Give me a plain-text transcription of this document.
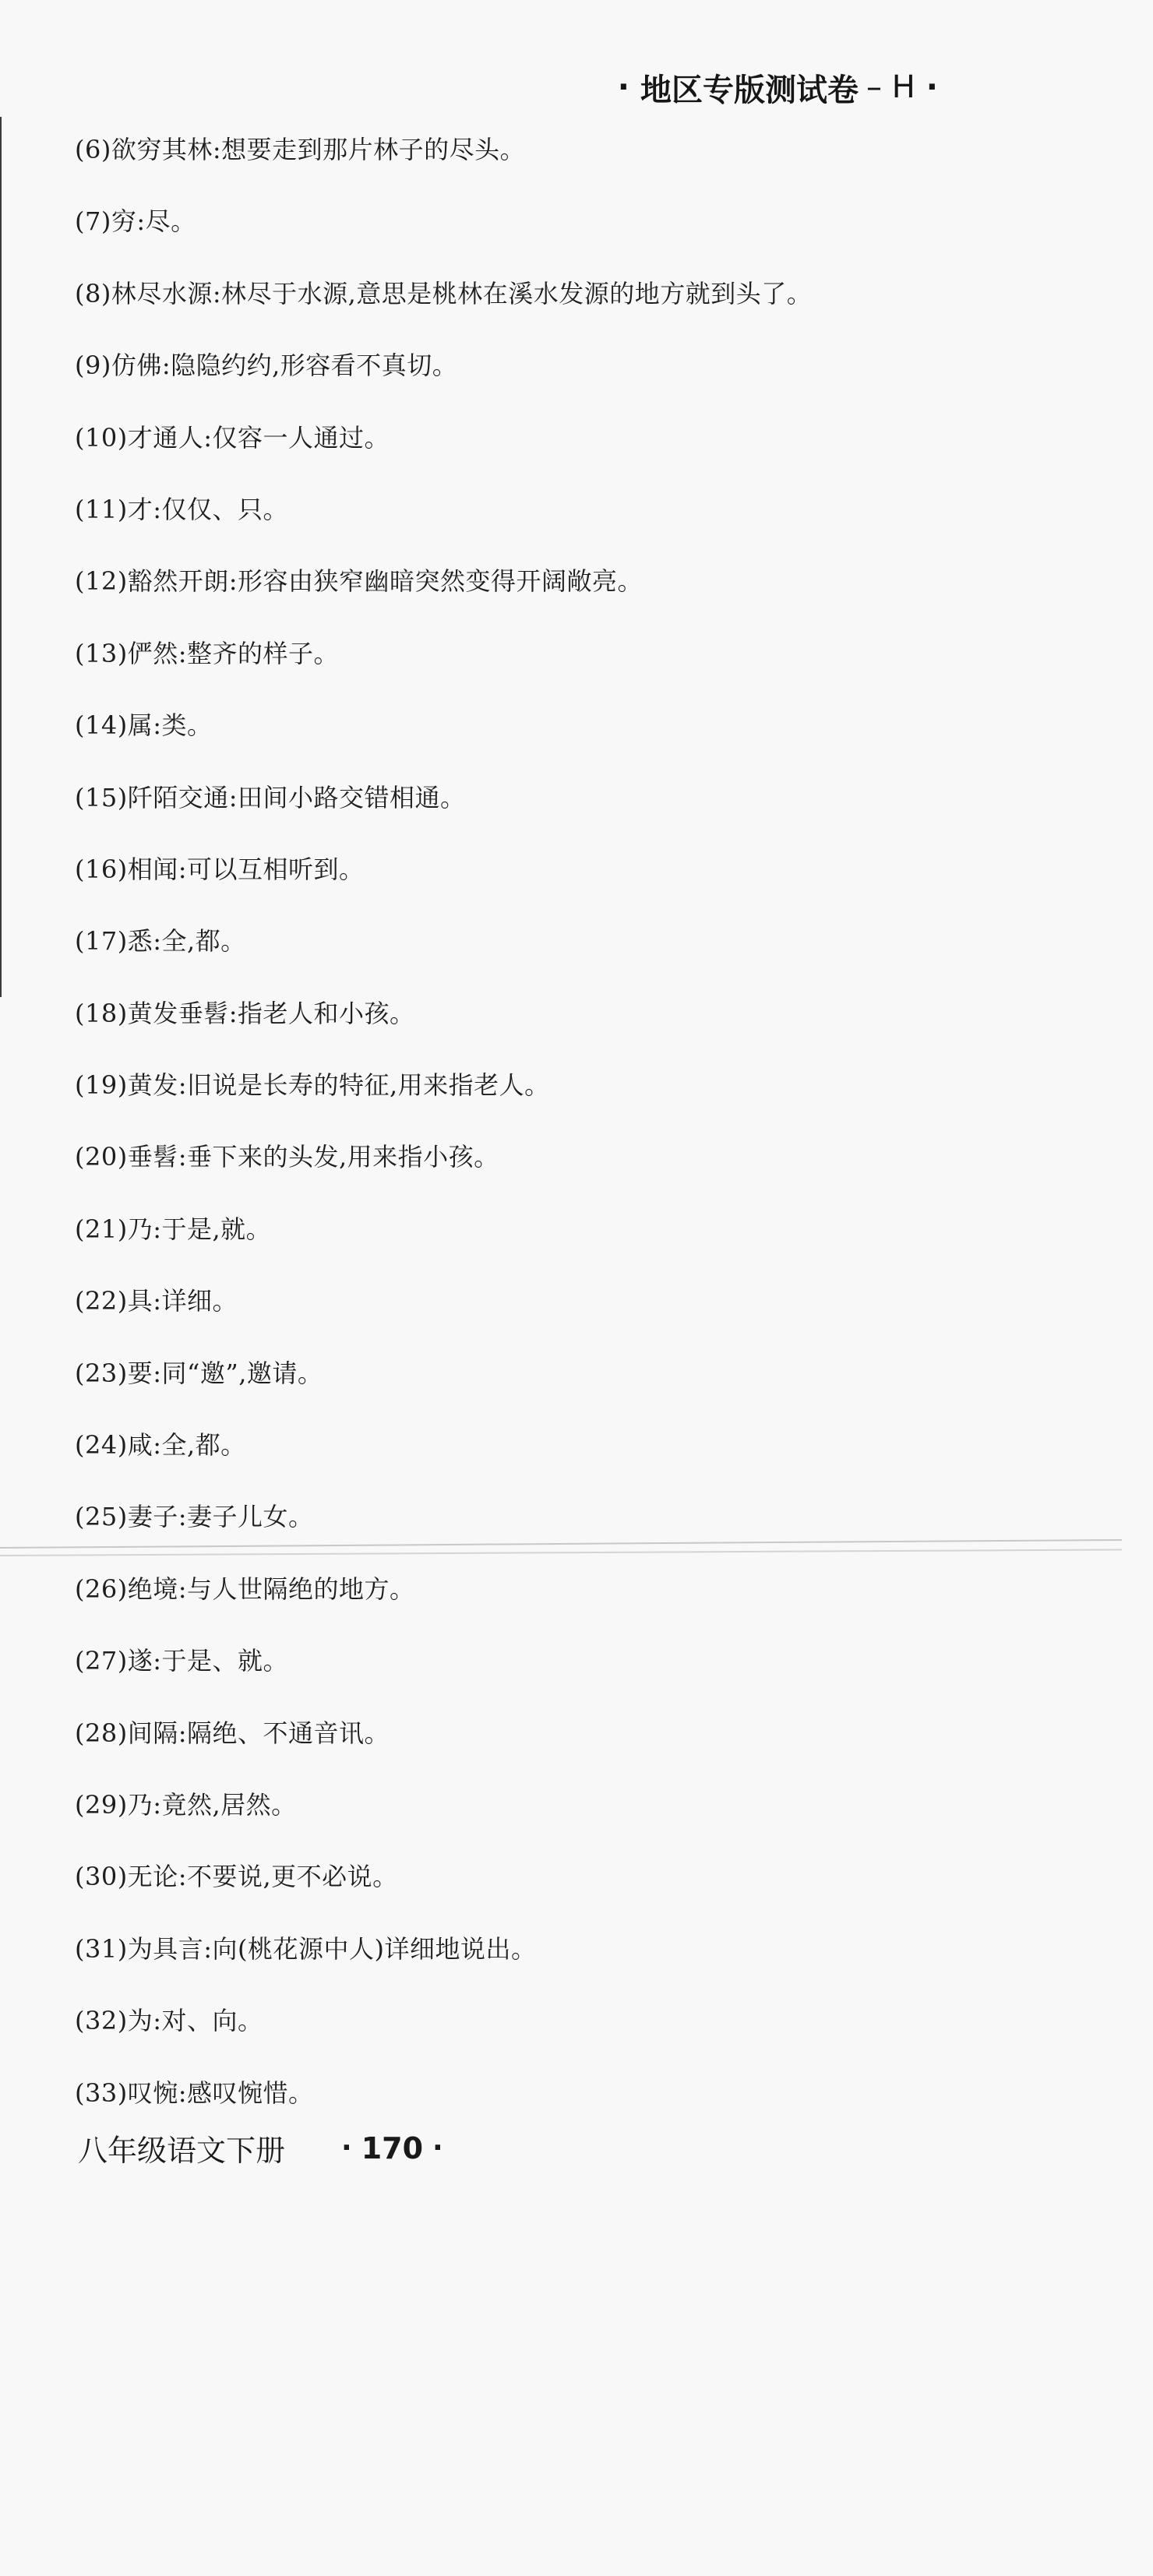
· 地区专版测试卷 – H ·
(6)欲穷其林:想要走到那片林子的尽头。
(7)穷:尽。
(8)林尽水源:林尽于水源,意思是桃林在溪水发源的地方就到头了。
(9)仿佛:隐隐约约,形容看不真切。
(10)才通人:仅容一人通过。
(11)才:仅仅、只。
(12)豁然开朗:形容由狭窄幽暗突然变得开阔敞亮。
(13)俨然:整齐的样子。
(14)属:类。
(15)阡陌交通:田间小路交错相通。
(16)相闻:可以互相听到。
(17)悉:全,都。
(18)黄发垂髫:指老人和小孩。
(19)黄发:旧说是长寿的特征,用来指老人。
(20)垂髫:垂下来的头发,用来指小孩。
(21)乃:于是,就。
(22)具:详细。
(23)要:同“邀”,邀请。
(24)咸:全,都。
(25)妻子:妻子儿女。
(26)绝境:与人世隔绝的地方。
(27)遂:于是、就。
(28)间隔:隔绝、不通音讯。
(29)乃:竟然,居然。
(30)无论:不要说,更不必说。
(31)为具言:向(桃花源中人)详细地说出。
(32)为:对、向。
(33)叹惋:感叹惋惜。
八年级语文下册 · 170 ·
